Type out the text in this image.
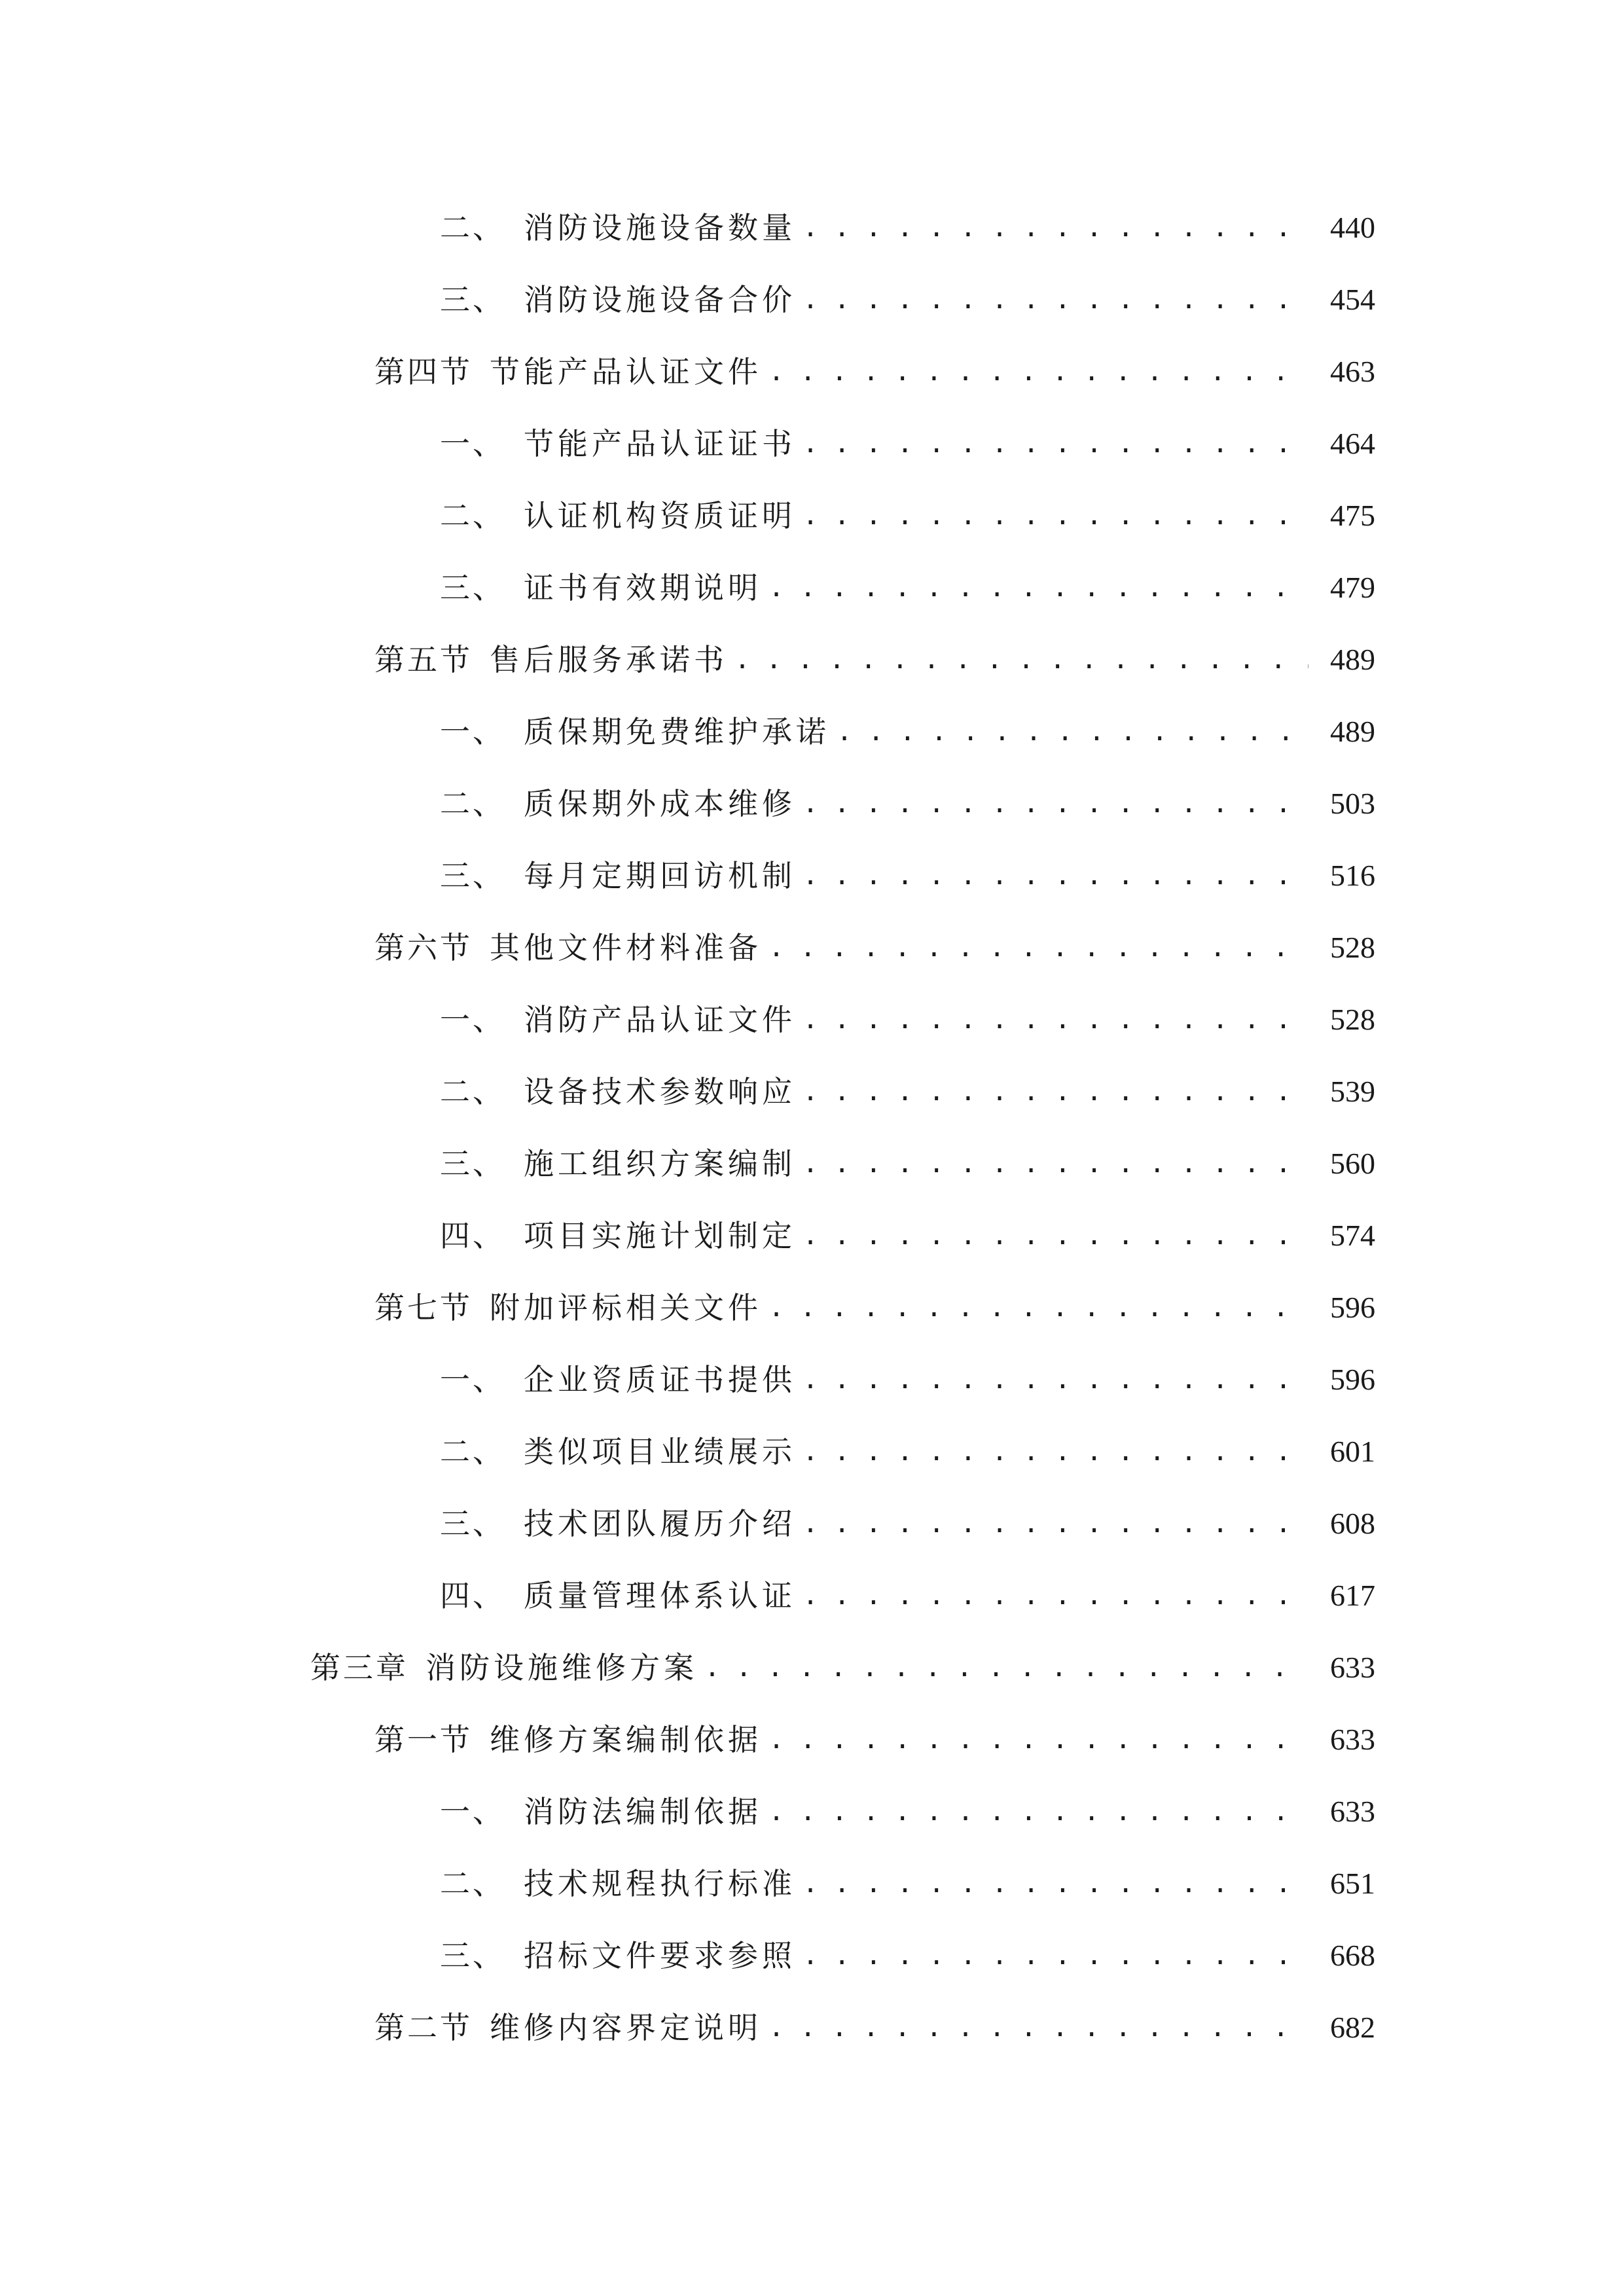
二、 消防设施设备数量 . . .	440
三、 消防设施设备合价 . . .	454
第四节 节能产品认证文件 . . .	463
一、 节能产品认证证书 . . .	464
二、 认证机构资质证明 . . .	475
三、 证书有效期说明 . . .	479
第五节 售后服务承诺书 . . .	489
一、 质保期免费维护承诺 . . .	489
二、 质保期外成本维修 . . .	503
三、 每月定期回访机制 . . .	516
第六节 其他文件材料准备 . . .	528
一、 消防产品认证文件 . . .	528
二、 设备技术参数响应 . . .	539
三、 施工组织方案编制 . . .	560
四、 项目实施计划制定 . . .	574
第七节 附加评标相关文件 . . .	596
一、 企业资质证书提供 . . .	596
二、 类似项目业绩展示 . . .	601
三、 技术团队履历介绍 . . .	608
四、 质量管理体系认证 . . .	617
第三章 消防设施维修方案 . . .	633
第一节 维修方案编制依据 . . .	633
一、 消防法编制依据 . . .	633
二、 技术规程执行标准 . . .	651
三、 招标文件要求参照 . . .	668
第二节 维修内容界定说明 . . .	682
